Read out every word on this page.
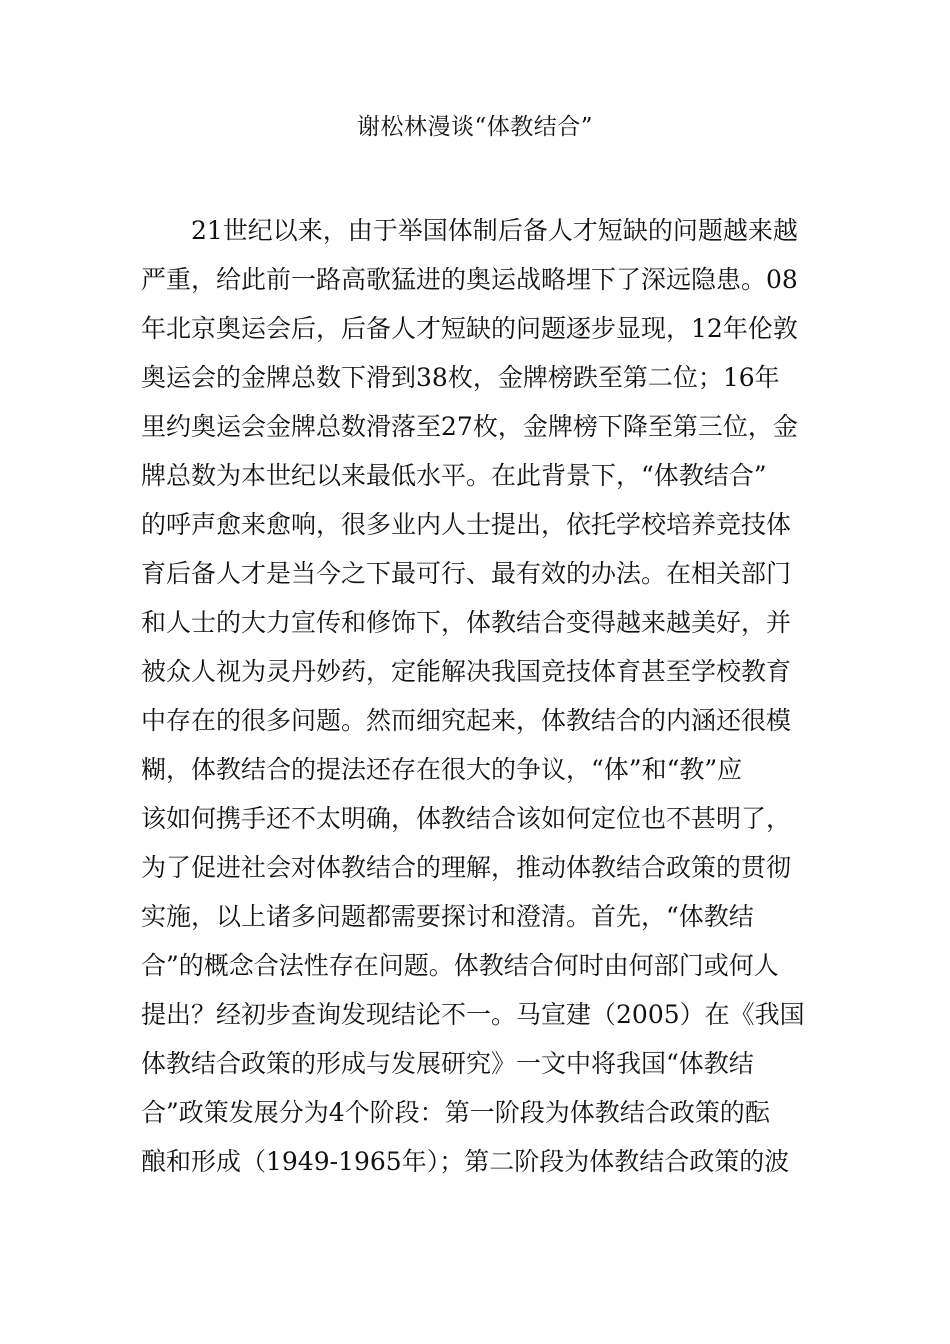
谢松林漫谈“体教结合”
21世纪以来，由于举国体制后备人才短缺的问题越来越
严重，给此前一路高歌猛进的奥运战略埋下了深远隐患。08
年北京奥运会后，后备人才短缺的问题逐步显现，12年伦敦
奥运会的金牌总数下滑到38枚，金牌榜跌至第二位；16年
里约奥运会金牌总数滑落至27枚，金牌榜下降至第三位，金
牌总数为本世纪以来最低水平。在此背景下，“体教结合”
的呼声愈来愈响，很多业内人士提出，依托学校培养竞技体
育后备人才是当今之下最可行、最有效的办法。在相关部门
和人士的大力宣传和修饰下，体教结合变得越来越美好，并
被众人视为灵丹妙药，定能解决我国竞技体育甚至学校教育
中存在的很多问题。然而细究起来，体教结合的内涵还很模
糊，体教结合的提法还存在很大的争议，“体”和“教”应
该如何携手还不太明确，体教结合该如何定位也不甚明了，
为了促进社会对体教结合的理解，推动体教结合政策的贯彻
实施，以上诸多问题都需要探讨和澄清。首先，“体教结
合”的概念合法性存在问题。体教结合何时由何部门或何人
提出？经初步查询发现结论不一。马宣建（2005）在《我国
体教结合政策的形成与发展研究》一文中将我国“体教结
合”政策发展分为4个阶段：第一阶段为体教结合政策的酝
酿和形成（1949-1965年）；第二阶段为体教结合政策的波
